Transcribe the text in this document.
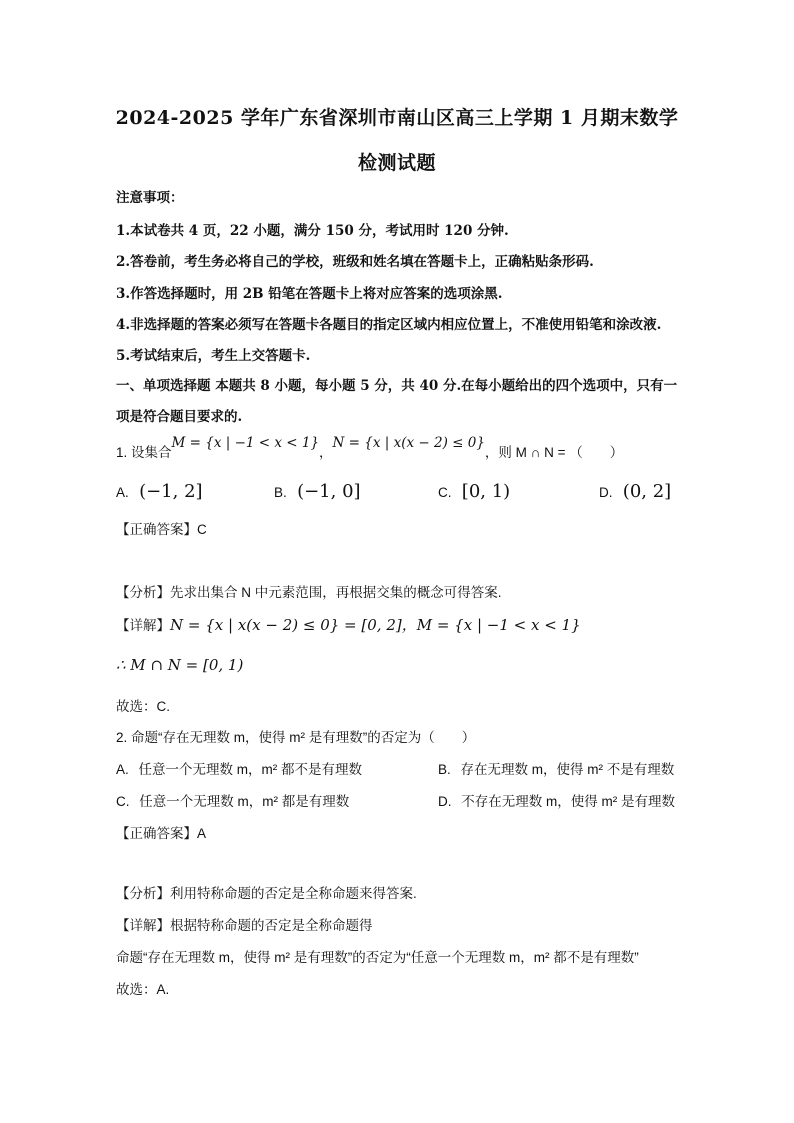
2024-2025 学年广东省深圳市南山区高三上学期 1 月期末数学
检测试题
注意事项：
1.本试卷共 4 页，22 小题，满分 150 分，考试用时 120 分钟.
2.答卷前，考生务必将自己的学校，班级和姓名填在答题卡上，正确粘贴条形码.
3.作答选择题时，用 2B 铅笔在答题卡上将对应答案的选项涂黑.
4.非选择题的答案必须写在答题卡各题目的指定区域内相应位置上，不准使用铅笔和涂改液.
5.考试结束后，考生上交答题卡.
一、单项选择题 本题共 8 小题，每小题 5 分，共 40 分.在每小题给出的四个选项中，只有一
项是符合题目要求的.
1. 设集合M = {x | −1 < x < 1}，N = {x | x(x − 2) ≤ 0}，则 M ∩ N = （　　）
A. (−1, 2]	B. (−1, 0]	C. [0, 1)	D. (0, 2]
【正确答案】C
【分析】先求出集合 N 中元素范围，再根据交集的概念可得答案.
【详解】N = {x | x(x − 2) ≤ 0} = [0, 2]，M = {x | −1 < x < 1}
∴ M ∩ N = [0, 1)
故选：C.
2. 命题“存在无理数 m，使得 m² 是有理数”的否定为（　　）
A. 任意一个无理数 m，m² 都不是有理数	B. 存在无理数 m，使得 m² 不是有理数
C. 任意一个无理数 m，m² 都是有理数	D. 不存在无理数 m，使得 m² 是有理数
【正确答案】A
【分析】利用特称命题的否定是全称命题来得答案.
【详解】根据特称命题的否定是全称命题得
命题“存在无理数 m，使得 m² 是有理数”的否定为“任意一个无理数 m，m² 都不是有理数”
故选：A.
